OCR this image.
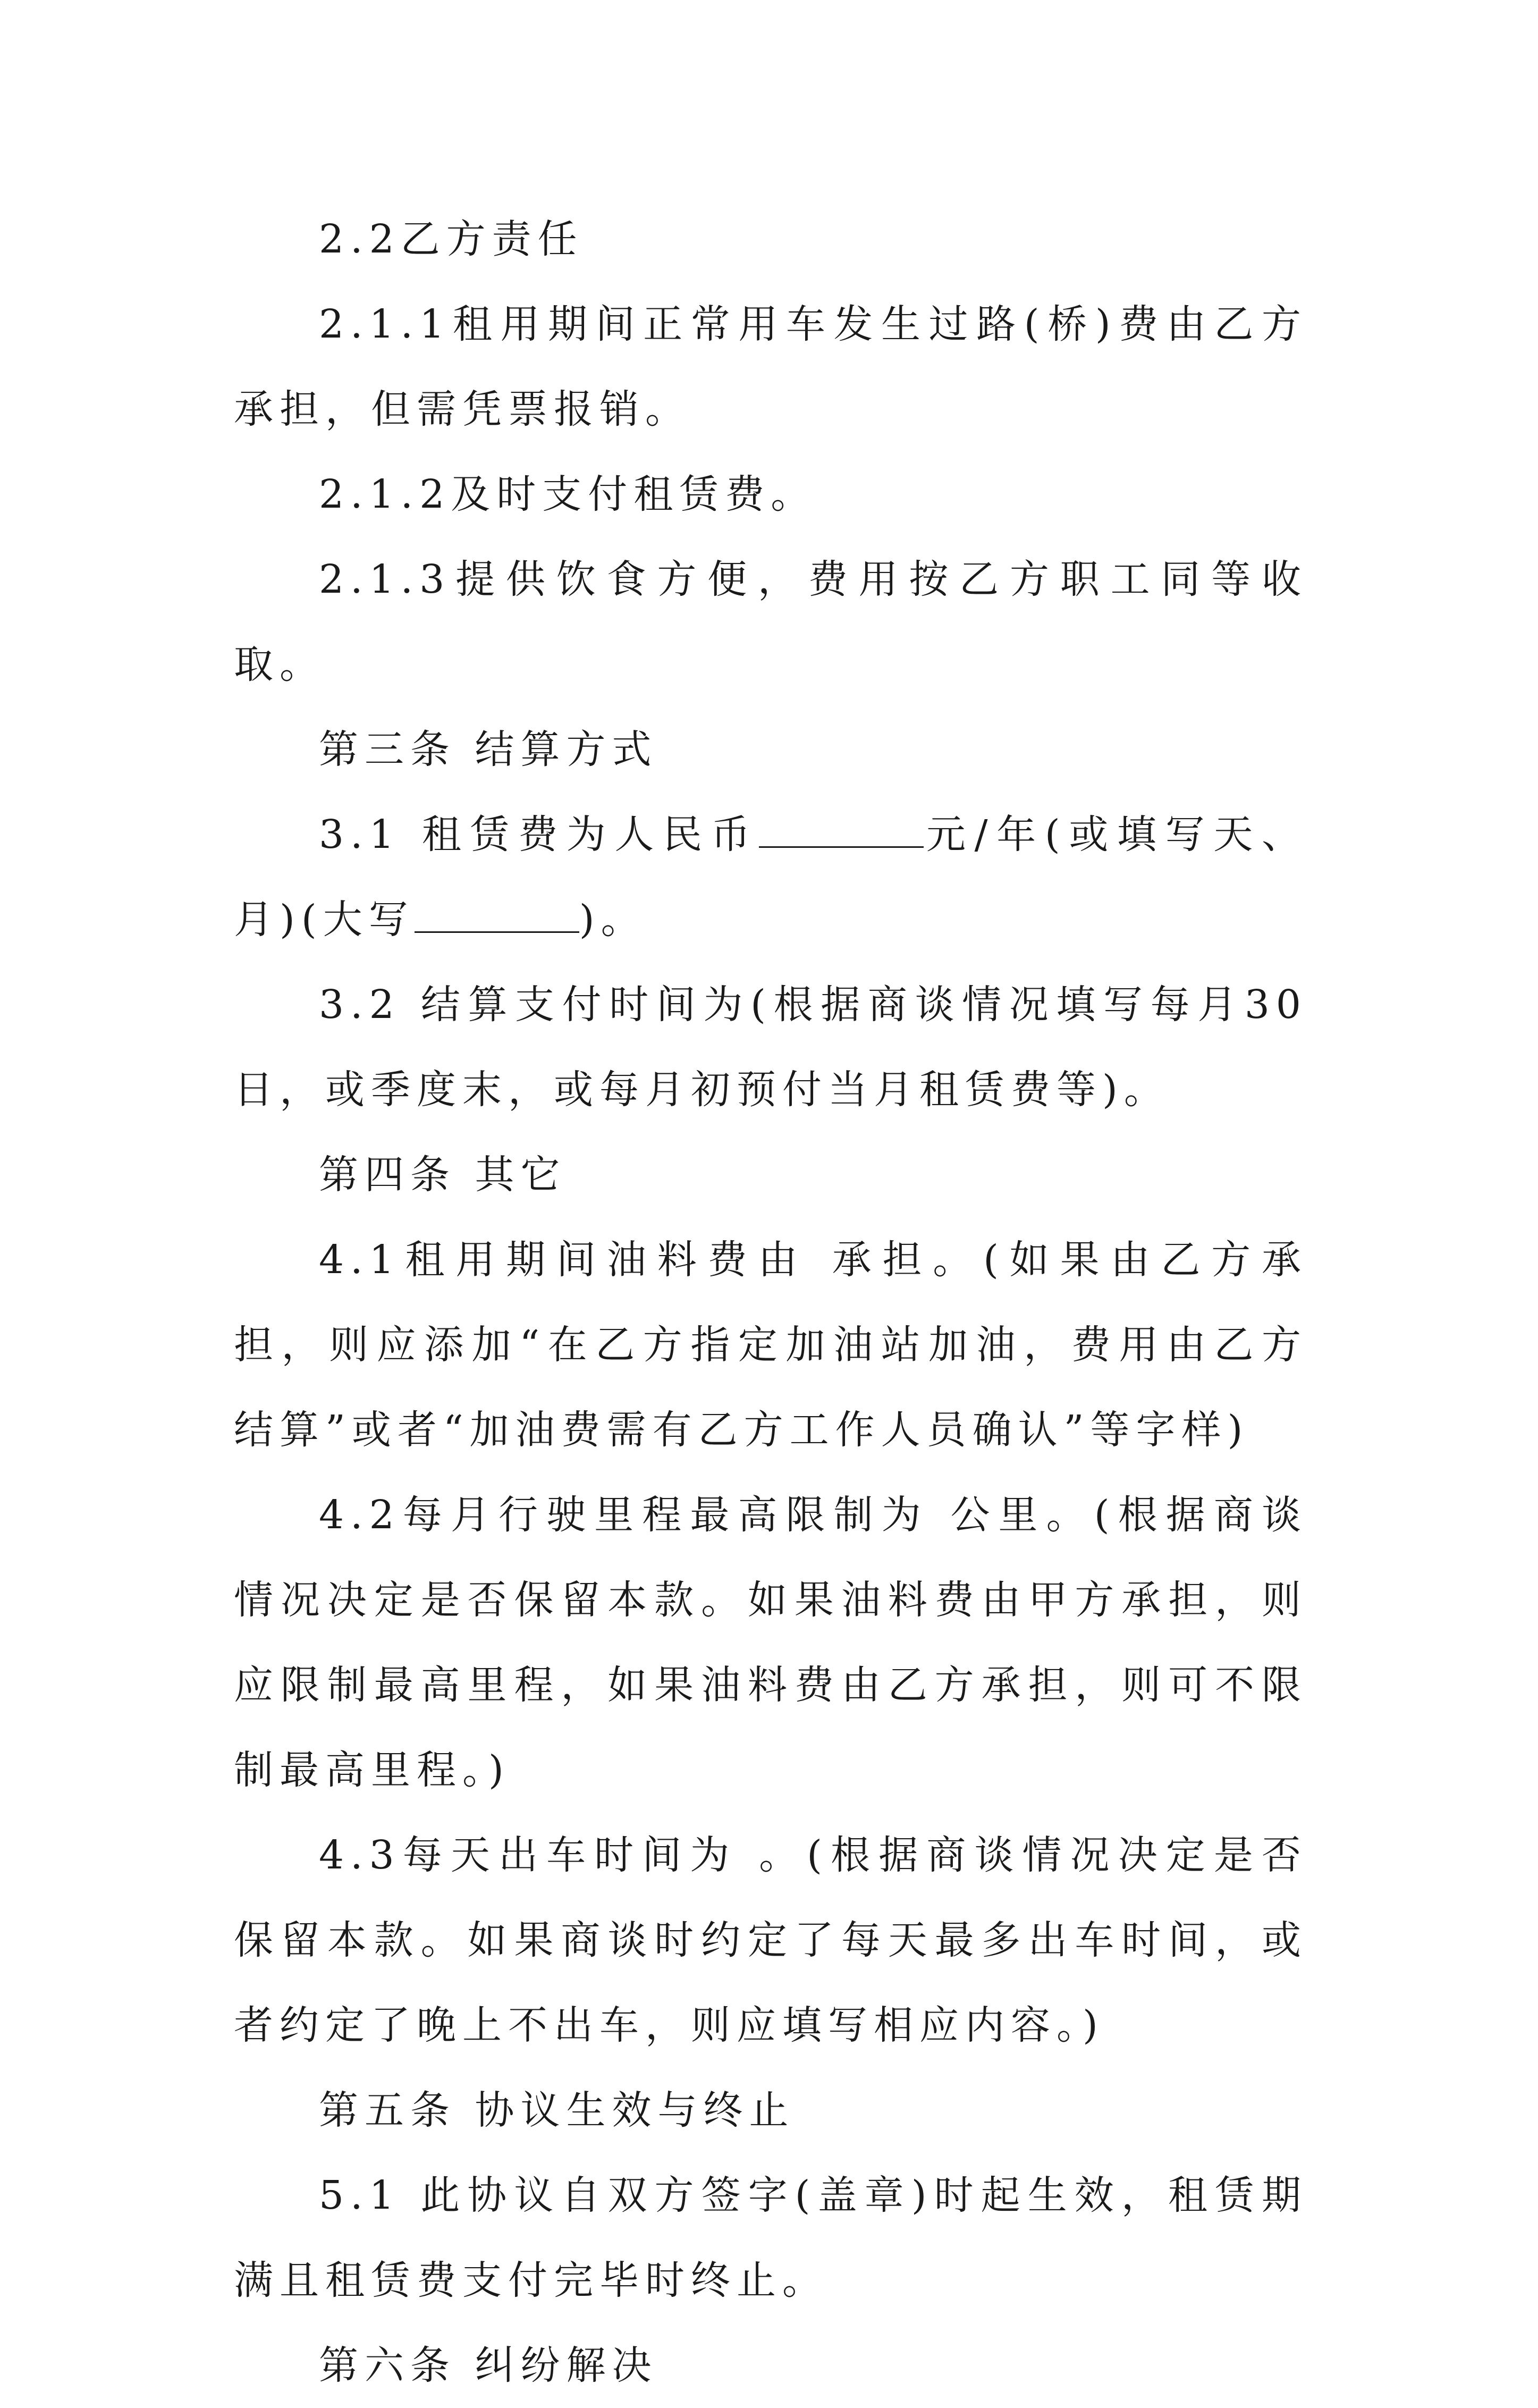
2.2乙方责任

2.1.1租用期间正常用车发生过路(桥)费由乙方承担，但需凭票报销。

2.1.2及时支付租赁费。

2.1.3提供饮食方便，费用按乙方职工同等收取。

第三条 结算方式

3.1 租赁费为人民币	元/年(或填写天、月)(大写	)。

3.2 结算支付时间为(根据商谈情况填写每月30日，或季度末，或每月初预付当月租赁费等)。

第四条 其它

4.1租用期间油料费由 承担。(如果由乙方承担，则应添加“在乙方指定加油站加油，费用由乙方结算”或者“加油费需有乙方工作人员确认”等字样)

4.2每月行驶里程最高限制为 公里。(根据商谈情况决定是否保留本款。如果油料费由甲方承担，则应限制最高里程，如果油料费由乙方承担，则可不限制最高里程。)

4.3每天出车时间为 。(根据商谈情况决定是否保留本款。如果商谈时约定了每天最多出车时间，或者约定了晚上不出车，则应填写相应内容。)

第五条 协议生效与终止

5.1 此协议自双方签字(盖章)时起生效，租赁期满且租赁费支付完毕时终止。

第六条 纠纷解决
